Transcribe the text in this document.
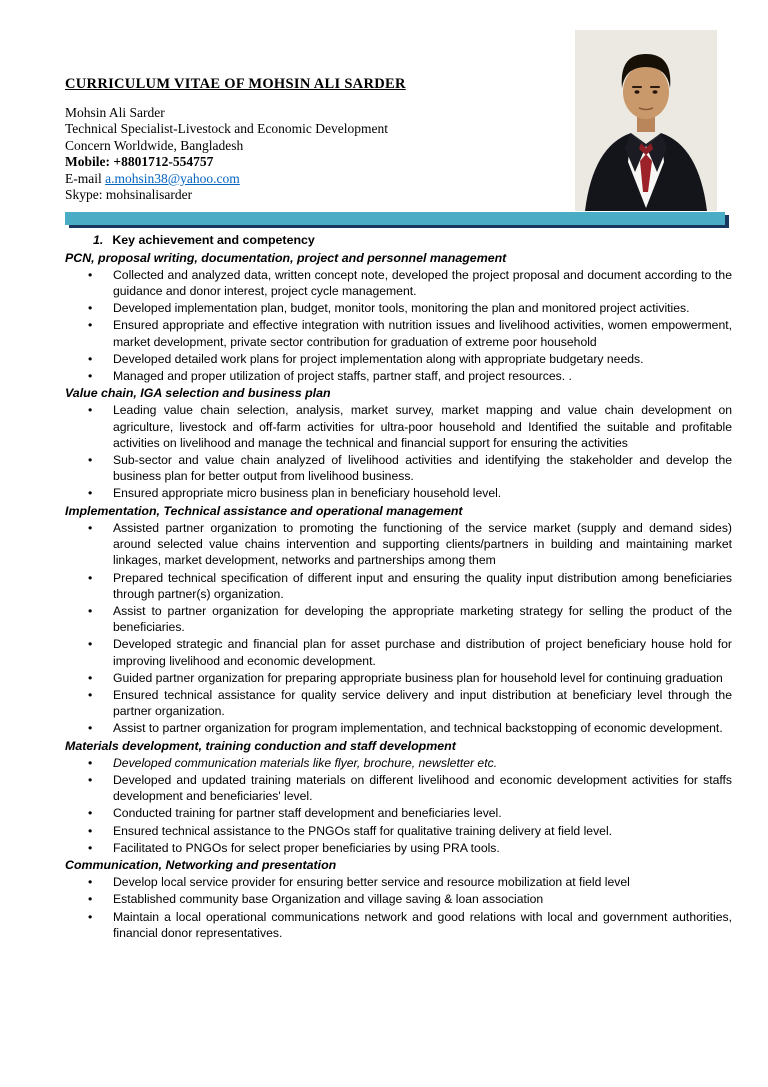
CURRICULUM VITAE OF MOHSIN ALI SARDER
Mohsin Ali Sarder
Technical Specialist-Livestock and Economic Development
Concern Worldwide, Bangladesh
Mobile: +8801712-554757
E-mail a.mohsin38@yahoo.com
Skype: mohsinalisarder
1. Key achievement and competency
PCN, proposal writing, documentation, project and personnel management
• Collected and analyzed data, written concept note, developed the project proposal and document according to the guidance and donor interest, project cycle management.
• Developed implementation plan, budget, monitor tools, monitoring the plan and monitored project activities.
• Ensured appropriate and effective integration with nutrition issues and livelihood activities, women empowerment, market development, private sector contribution for graduation of extreme poor household
• Developed detailed work plans for project implementation along with appropriate budgetary needs.
• Managed and proper utilization of project staffs, partner staff, and project resources. .
Value chain, IGA selection and business plan
• Leading value chain selection, analysis, market survey, market mapping and value chain development on agriculture, livestock and off-farm activities for ultra-poor household and Identified the suitable and profitable activities on livelihood and manage the technical and financial support for ensuring the activities
• Sub-sector and value chain analyzed of livelihood activities and identifying the stakeholder and develop the business plan for better output from livelihood business.
• Ensured appropriate micro business plan in beneficiary household level.
Implementation, Technical assistance and operational management
• Assisted partner organization to promoting the functioning of the service market (supply and demand sides) around selected value chains intervention and supporting clients/partners in building and maintaining market linkages, market development, networks and partnerships among them
• Prepared technical specification of different input and ensuring the quality input distribution among beneficiaries through partner(s) organization.
• Assist to partner organization for developing the appropriate marketing strategy for selling the product of the beneficiaries.
• Developed strategic and financial plan for asset purchase and distribution of project beneficiary house hold for improving livelihood and economic development.
• Guided partner organization for preparing appropriate business plan for household level for continuing graduation
• Ensured technical assistance for quality service delivery and input distribution at beneficiary level through the partner organization.
• Assist to partner organization for program implementation, and technical backstopping of economic development.
Materials development, training conduction and staff development
• Developed communication materials like flyer, brochure, newsletter etc.
• Developed and updated training materials on different livelihood and economic development activities for staffs development and beneficiaries' level.
• Conducted training for partner staff development and beneficiaries level.
• Ensured technical assistance to the PNGOs staff for qualitative training delivery at field level.
• Facilitated to PNGOs for select proper beneficiaries by using PRA tools.
Communication, Networking and presentation
• Develop local service provider for ensuring better service and resource mobilization at field level
• Established community base Organization and village saving & loan association
• Maintain a local operational communications network and good relations with local and government authorities, financial donor representatives.
